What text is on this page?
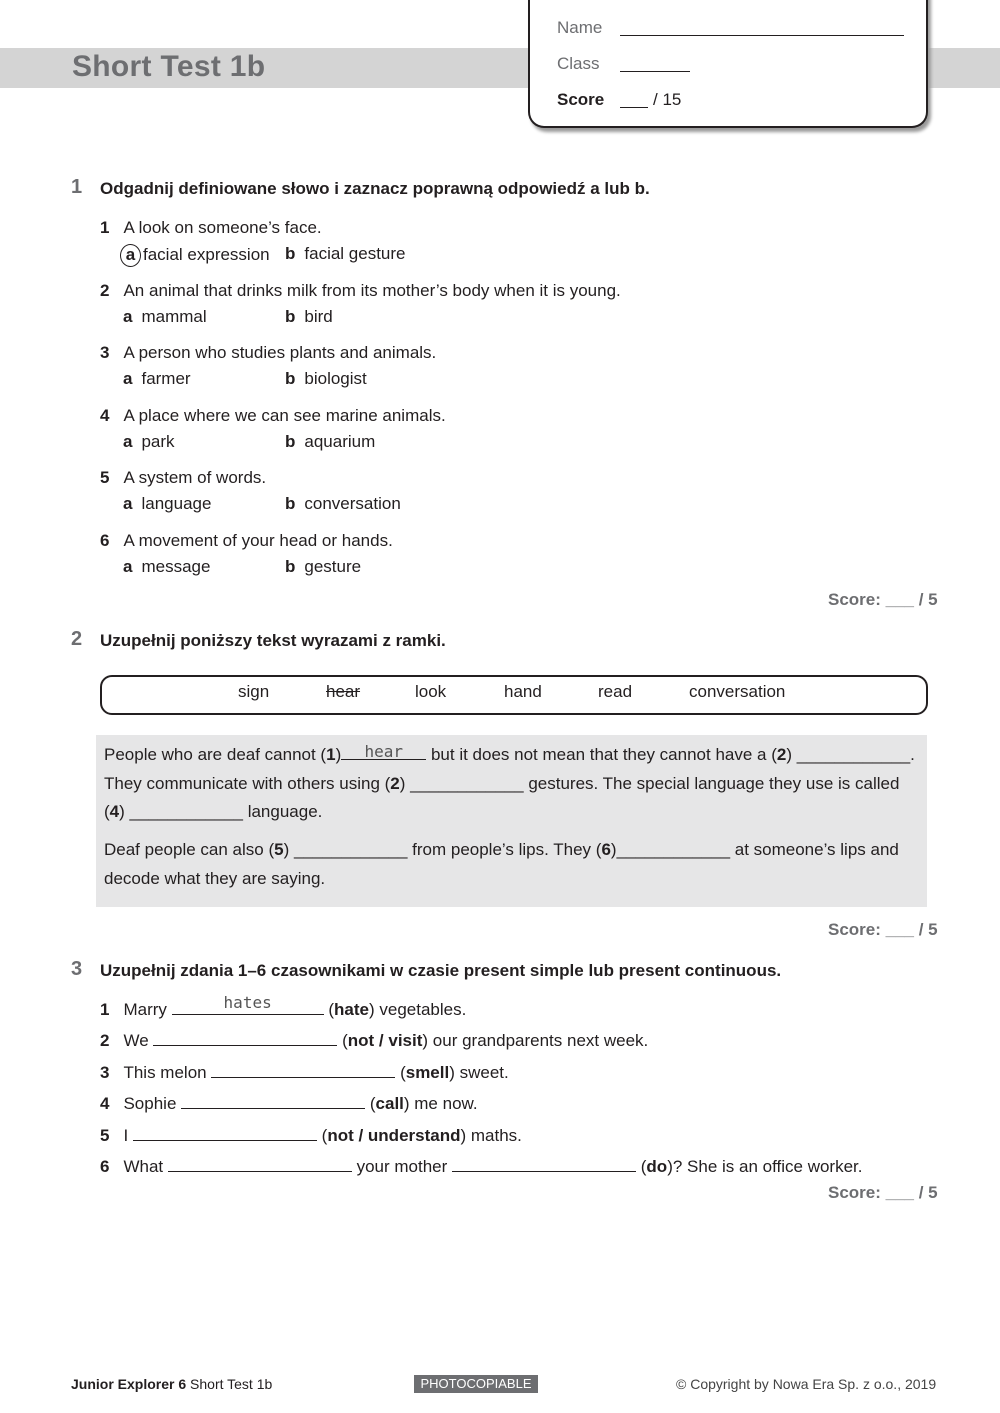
Short Test 1b
Name
Class
Score	/ 15
1 Odgadnij definiowane słowo i zaznacz poprawną odpowiedź a lub b.
1 A look on someone’s face.
a facial expression b facial gesture
2 An animal that drinks milk from its mother’s body when it is young.
a mammal	b bird
3 A person who studies plants and animals.
a farmer	b biologist
4 A place where we can see marine animals.
a park	b aquarium
5 A system of words.
a language	b conversation
6 A movement of your head or hands.
a message	b gesture
Score: ___ / 5
2 Uzupełnij poniższy tekst wyrazami z ramki.
sign	hear	look	hand	read	conversation
People who are deaf cannot (1)	hear	but it does not mean that they cannot have a (2) ____________.
They communicate with others using (2) ____________ gestures. The special language they use is called
(4) ____________ language.
Deaf people can also (5) ____________ from people’s lips. They (6)____________ at someone’s lips and
decode what they are saying.
Score: ___ / 5
3 Uzupełnij zdania 1–6 czasownikami w czasie present simple lub present continuous.
1 Marry	hates	(hate) vegetables.
2 We	(not / visit) our grandparents next week.
3 This melon	(smell) sweet.
4 Sophie	(call) me now.
5 I	(not / understand) maths.
6 What	your mother	(do)? She is an office worker.
Score: ___ / 5
Junior Explorer 6 Short Test 1b	PHOTOCOPIABLE	© Copyright by Nowa Era Sp. z o.o., 2019
